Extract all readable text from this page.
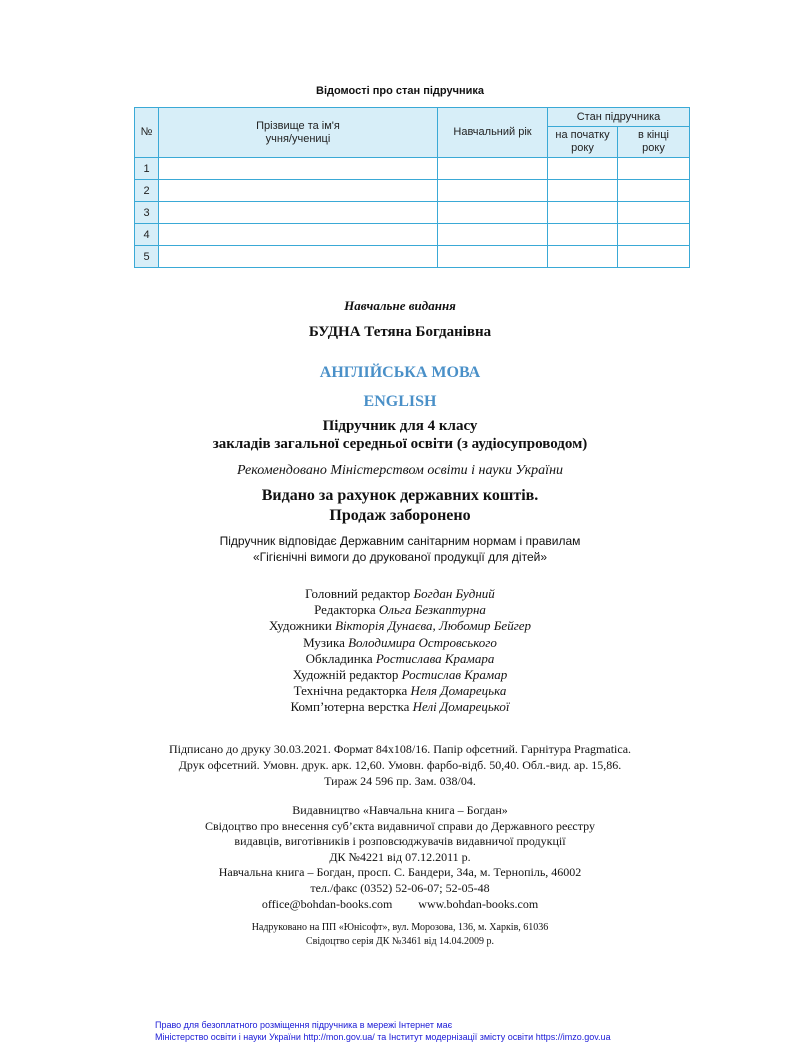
Відомості про стан підручника
№	Прізвище та ім'я учня/учениці	Навчальний рік	Стан підручника	
			на початку року	в кінці року
1				
2				
3				
4				
5				
Навчальне видання
БУДНА Тетяна Богданівна
АНГЛІЙСЬКА МОВА
ENGLISH
Підручник для 4 класу
закладів загальної середньої освіти (з аудіосупроводом)
Рекомендовано Міністерством освіти і науки України
Видано за рахунок державних коштів.
Продаж заборонено
Підручник відповідає Державним санітарним нормам і правилам
«Гігієнічні вимоги до друкованої продукції для дітей»
Головний редактор Богдан Будний
Редакторка Ольга Безкаптурна
Художники Вікторія Дунаєва, Любомир Бейгер
Музика Володимира Островського
Обкладинка Ростислава Крамара
Художній редактор Ростислав Крамар
Технічна редакторка Неля Домарецька
Комп’ютерна верстка Нелі Домарецької
Підписано до друку 30.03.2021. Формат 84x108/16. Папір офсетний. Гарнітура Pragmatica.
Друк офсетний. Умовн. друк. арк. 12,60. Умовн. фарбо-відб. 50,40. Обл.-вид. ар. 15,86.
Тираж 24 596 пр. Зам. 038/04.
Видавництво «Навчальна книга – Богдан»
Свідоцтво про внесення суб’єкта видавничої справи до Державного реєстру
видавців, виготівників і розповсюджувачів видавничої продукції
ДК №4221 від 07.12.2011 р.
Навчальна книга – Богдан, просп. С. Бандери, 34а, м. Тернопіль, 46002
тел./факс (0352) 52-06-07; 52-05-48
office@bohdan-books.com www.bohdan-books.com
Надруковано на ПП «Юнісофт», вул. Морозова, 136, м. Харків, 61036
Свідоцтво серія ДК №3461 від 14.04.2009 р.
Право для безоплатного розміщення підручника в мережі Інтернет має
Міністерство освіти і науки України http://mon.gov.ua/ та Інститут модернізації змісту освіти https://imzo.gov.ua
